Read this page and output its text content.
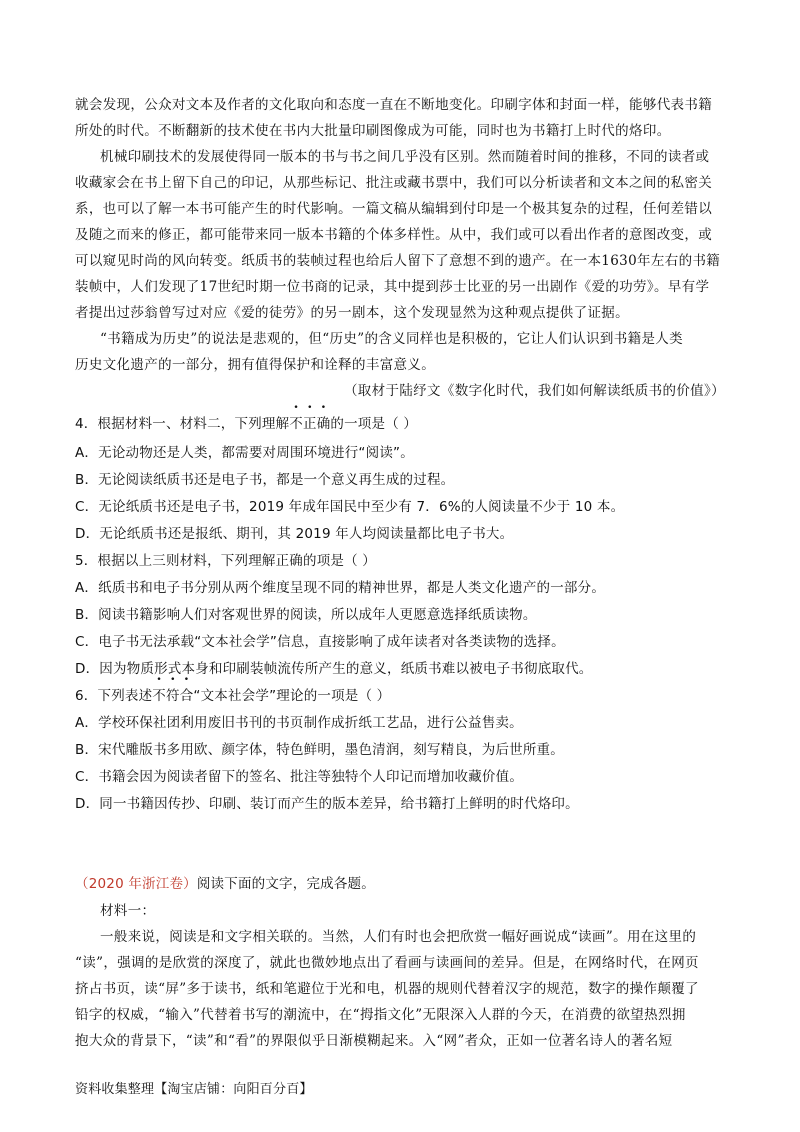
就会发现，公众对文本及作者的文化取向和态度一直在不断地变化。印刷字体和封面一样，能够代表书籍
所处的时代。不断翻新的技术使在书内大批量印刷图像成为可能，同时也为书籍打上时代的烙印。
机械印刷技术的发展使得同一版本的书与书之间几乎没有区别。然而随着时间的推移，不同的读者或
收藏家会在书上留下自己的印记，从那些标记、批注或藏书票中，我们可以分析读者和文本之间的私密关
系，也可以了解一本书可能产生的时代影响。一篇文稿从编辑到付印是一个极其复杂的过程，任何差错以
及随之而来的修正，都可能带来同一版本书籍的个体多样性。从中，我们或可以看出作者的意图改变，或
可以窥见时尚的风向转变。纸质书的装帧过程也给后人留下了意想不到的遗产。在一本1630年左右的书籍
装帧中，人们发现了17世纪时期一位书商的记录，其中提到莎士比亚的另一出剧作《爱的功劳》。早有学
者提出过莎翁曾写过对应《爱的徒劳》的另一剧本，这个发现显然为这种观点提供了证据。
“书籍成为历史”的说法是悲观的，但“历史”的含义同样也是积极的，它让人们认识到书籍是人类
历史文化遗产的一部分，拥有值得保护和诠释的丰富意义。
（取材于陆纾文《数字化时代，我们如何解读纸质书的价值》）
4．根据材料一、材料二，下列理解不正确的一项是（ ）
A．无论动物还是人类，都需要对周围环境进行“阅读”。
B．无论阅读纸质书还是电子书，都是一个意义再生成的过程。
C．无论纸质书还是电子书，2019 年成年国民中至少有 7．6%的人阅读量不少于 10 本。
D．无论纸质书还是报纸、期刊，其 2019 年人均阅读量都比电子书大。
5．根据以上三则材料，下列理解正确的项是（ ）
A．纸质书和电子书分别从两个维度呈现不同的精神世界，都是人类文化遗产的一部分。
B．阅读书籍影响人们对客观世界的阅读，所以成年人更愿意选择纸质读物。
C．电子书无法承载“文本社会学”信息，直接影响了成年读者对各类读物的选择。
D．因为物质形式本身和印刷装帧流传所产生的意义，纸质书难以被电子书彻底取代。
6．下列表述不符合“文本社会学”理论的一项是（ ）
A．学校环保社团利用废旧书刊的书页制作成折纸工艺品，进行公益售卖。
B．宋代雕版书多用欧、颜字体，特色鲜明，墨色清润，刻写精良，为后世所重。
C．书籍会因为阅读者留下的签名、批注等独特个人印记而增加收藏价值。
D．同一书籍因传抄、印刷、装订而产生的版本差异，给书籍打上鲜明的时代烙印。
（2020 年浙江卷）阅读下面的文字，完成各题。
材料一：
一般来说，阅读是和文字相关联的。当然，人们有时也会把欣赏一幅好画说成“读画”。用在这里的
“读”，强调的是欣赏的深度了，就此也微妙地点出了看画与读画间的差异。但是，在网络时代，在网页
挤占书页，读“屏”多于读书，纸和笔避位于光和电，机器的规则代替着汉字的规范，数字的操作颠覆了
铅字的权威，“输入”代替着书写的潮流中，在“拇指文化”无限深入人群的今天，在消费的欲望热烈拥
抱大众的背景下，“读”和“看”的界限似乎日渐模糊起来。入“网”者众，正如一位著名诗人的著名短
资料收集整理【淘宝店铺：向阳百分百】
